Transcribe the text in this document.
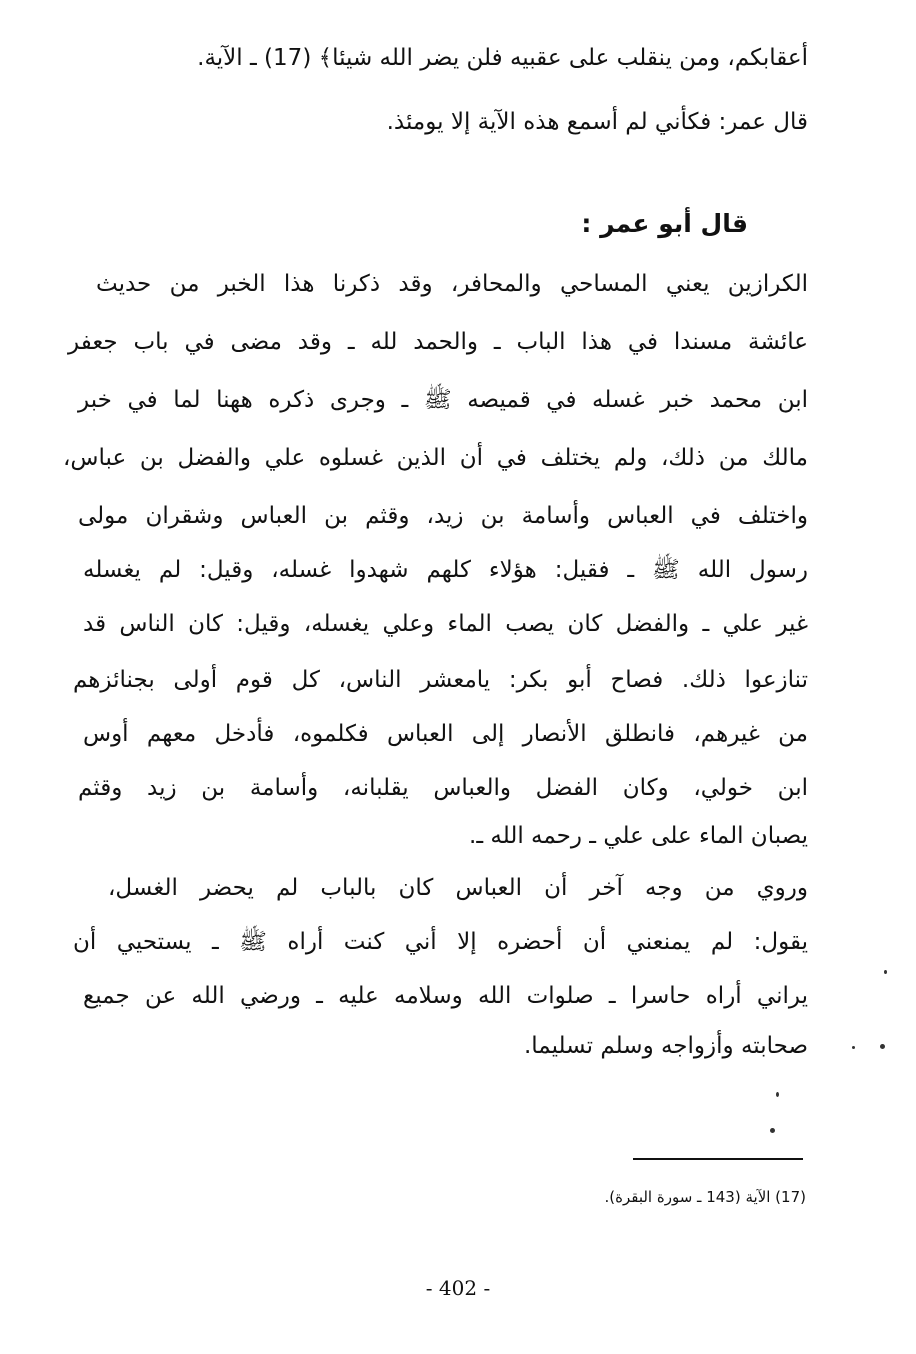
أعقابكم، ومن ينقلب على عقبيه فلن يضر الله شيئا﴾ (17) ـ الآية.
قال عمر: فكأني لم أسمع هذه الآية إلا يومئذ.
قال أبو عمر :
الكرازين يعني المساحي والمحافر، وقد ذكرنا هذا الخبر من حديث
عائشة مسندا في هذا الباب ـ والحمد لله ـ وقد مضى في باب جعفر
ابن محمد خبر غسله في قميصه ﷺ ـ وجرى ذكره ههنا لما في خبر
مالك من ذلك، ولم يختلف في أن الذين غسلوه علي والفضل بن عباس،
واختلف في العباس وأسامة بن زيد، وقثم بن العباس وشقران مولى
رسول الله ﷺ ـ فقيل: هؤلاء كلهم شهدوا غسله، وقيل: لم يغسله
غير علي ـ والفضل كان يصب الماء وعلي يغسله، وقيل: كان الناس قد
تنازعوا ذلك. فصاح أبو بكر: يامعشر الناس، كل قوم أولى بجنائزهم
من غيرهم، فانطلق الأنصار إلى العباس فكلموه، فأدخل معهم أوس
ابن خولي، وكان الفضل والعباس يقلبانه، وأسامة بن زيد وقثم
يصبان الماء على علي ـ رحمه الله ـ.
وروي من وجه آخر أن العباس كان بالباب لم يحضر الغسل،
يقول: لم يمنعني أن أحضره إلا أني كنت أراه ﷺ ـ يستحيي أن
يراني أراه حاسرا ـ صلوات الله وسلامه عليه ـ ورضي الله عن جميع
صحابته وأزواجه وسلم تسليما.
(17) الآية (143 ـ سورة البقرة).
- 402 -
